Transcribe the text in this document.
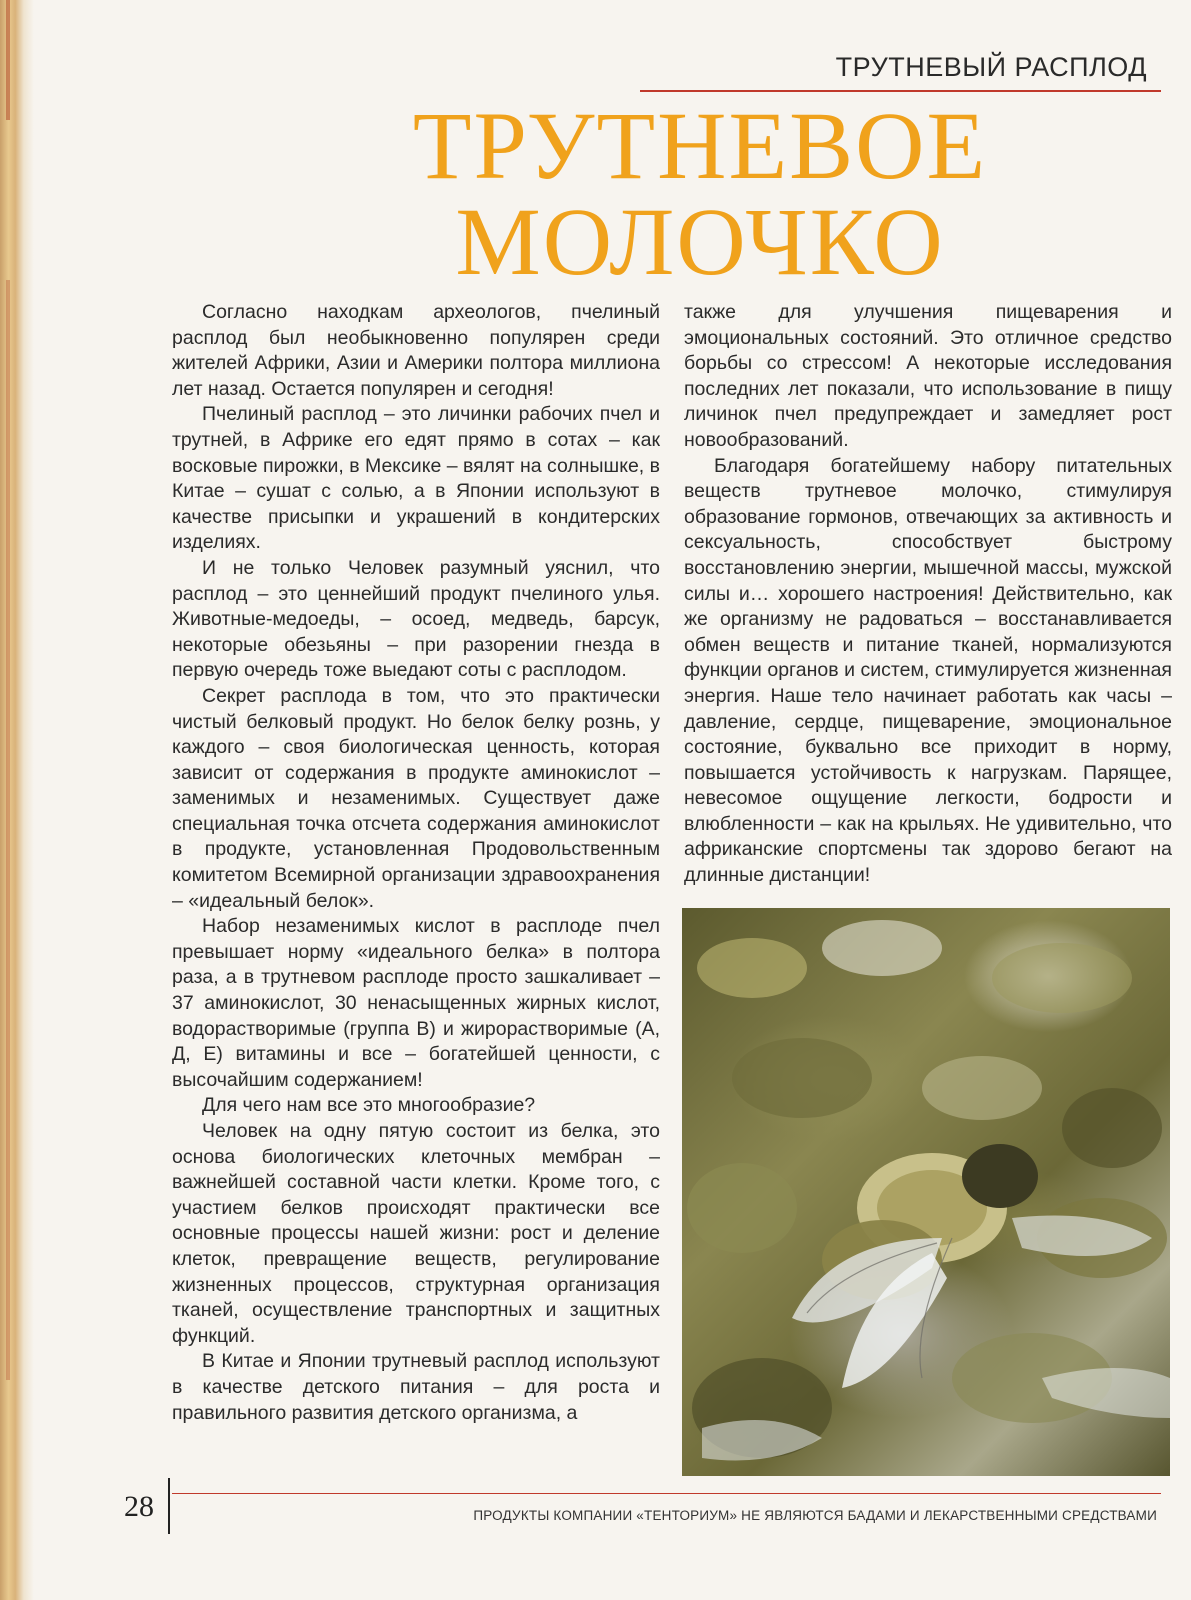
ТРУТНЕВЫЙ РАСПЛОД
ТРУТНЕВОЕ
МОЛОЧКО

Согласно находкам археологов, пчелиный расплод был необыкновенно популярен среди жителей Африки, Азии и Америки полтора миллиона лет назад. Остается популярен и сегодня!

Пчелиный расплод – это личинки рабочих пчел и трутней, в Африке его едят прямо в сотах – как восковые пирожки, в Мексике – вялят на солнышке, в Китае – сушат с солью, а в Японии используют в качестве присыпки и украшений в кондитерских изделиях.

И не только Человек разумный уяснил, что расплод – это ценнейший продукт пчелиного улья. Животные-медоеды, – осоед, медведь, барсук, некоторые обезьяны – при разорении гнезда в первую очередь тоже выедают соты с расплодом.

Секрет расплода в том, что это практически чистый белковый продукт. Но белок белку рознь, у каждого – своя биологическая ценность, которая зависит от содержания в продукте аминокислот – заменимых и незаменимых. Существует даже специальная точка отсчета содержания аминокислот в продукте, установленная Продовольственным комитетом Всемирной организации здравоохранения – «идеальный белок».

Набор незаменимых кислот в расплоде пчел превышает норму «идеального белка» в полтора раза, а в трутневом расплоде просто зашкаливает – 37 аминокислот, 30 ненасыщенных жирных кислот, водорастворимые (группа В) и жирорастворимые (А, Д, Е) витамины и все – богатейшей ценности, с высочайшим содержанием!

Для чего нам все это многообразие?

Человек на одну пятую состоит из белка, это основа биологических клеточных мембран – важнейшей составной части клетки. Кроме того, с участием белков происходят практически все основные процессы нашей жизни: рост и деление клеток, превращение веществ, регулирование жизненных процессов, структурная организация тканей, осуществление транспортных и защитных функций.

В Китае и Японии трутневый расплод используют в качестве детского питания – для роста и правильного развития детского организма, а

также для улучшения пищеварения и эмоциональных состояний. Это отличное средство борьбы со стрессом! А некоторые исследования последних лет показали, что использование в пищу личинок пчел предупреждает и замедляет рост новообразований.

Благодаря богатейшему набору питательных веществ трутневое молочко, стимулируя образование гормонов, отвечающих за активность и сексуальность, способствует быстрому восстановлению энергии, мышечной массы, мужской силы и… хорошего настроения! Действительно, как же организму не радоваться – восстанавливается обмен веществ и питание тканей, нормализуются функции органов и систем, стимулируется жизненная энергия. Наше тело начинает работать как часы – давление, сердце, пищеварение, эмоциональное состояние, буквально все приходит в норму, повышается устойчивость к нагрузкам. Парящее, невесомое ощущение легкости, бодрости и влюбленности – как на крыльях. Не удивительно, что африканские спортсмены так здорово бегают на длинные дистанции!

28	ПРОДУКТЫ КОМПАНИИ «ТЕНТОРИУМ» НЕ ЯВЛЯЮТСЯ БАДАМИ И ЛЕКАРСТВЕННЫМИ СРЕДСТВАМИ
